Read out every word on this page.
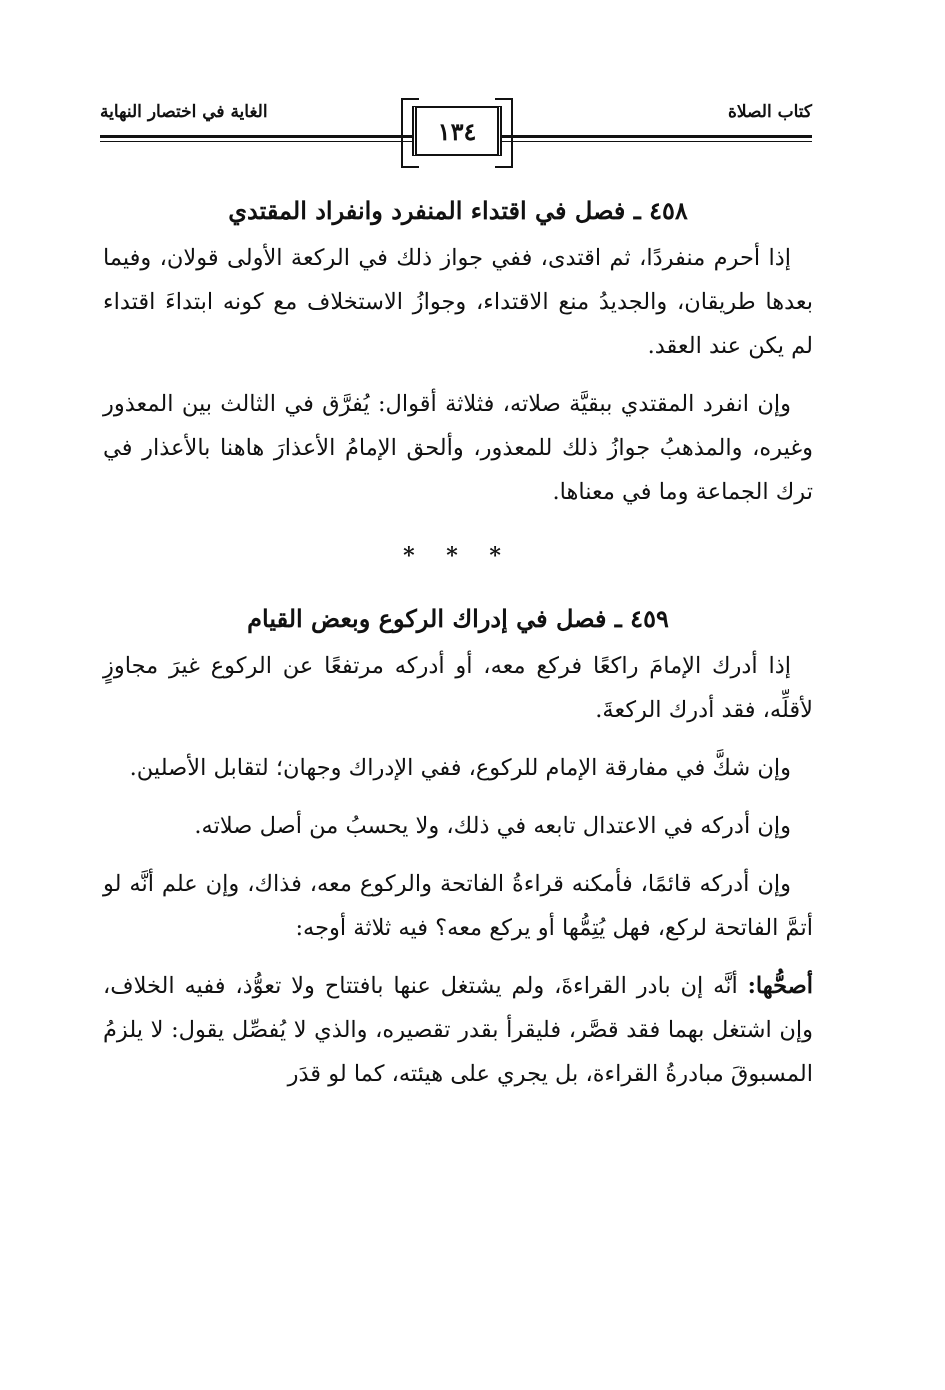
كتاب الصلاة
الغاية في اختصار النهاية
١٣٤
٤٥٨ ـ فصل في اقتداء المنفرد وانفراد المقتدي

إذا أحرم منفردًا، ثم اقتدى، ففي جواز ذلك في الركعة الأولى قولان، وفيما بعدها طريقان، والجديدُ منع الاقتداء، وجوازُ الاستخلاف مع كونه ابتداءَ اقتداء لم يكن عند العقد.

وإن انفرد المقتدي ببقيَّة صلاته، فثلاثة أقوال: يُفرَّق في الثالث بين المعذور وغيره، والمذهبُ جوازُ ذلك للمعذور، وألحق الإمامُ الأعذارَ هاهنا بالأعذار في ترك الجماعة وما في معناها.

* * *
٤٥٩ ـ فصل في إدراك الركوع وبعض القيام

إذا أدرك الإمامَ راكعًا فركع معه، أو أدركه مرتفعًا عن الركوع غيرَ مجاوزٍ لأقلِّه، فقد أدرك الركعةَ.

وإن شكَّ في مفارقة الإمام للركوع، ففي الإدراك وجهان؛ لتقابل الأصلين.

وإن أدركه في الاعتدال تابعه في ذلك، ولا يحسبُ من أصل صلاته.

وإن أدركه قائمًا، فأمكنه قراءةُ الفاتحة والركوع معه، فذاك، وإن علم أنَّه لو أتمَّ الفاتحة لركع، فهل يُتِمُّها أو يركع معه؟ فيه ثلاثة أوجه:

أصحُّها: أنَّه إن بادر القراءةَ، ولم يشتغل عنها بافتتاح ولا تعوُّذ، ففيه الخلاف، وإن اشتغل بهما فقد قصَّر، فليقرأ بقدر تقصيره، والذي لا يُفصِّل يقول: لا يلزمُ المسبوقَ مبادرةُ القراءة، بل يجري على هيئته، كما لو قدَر
